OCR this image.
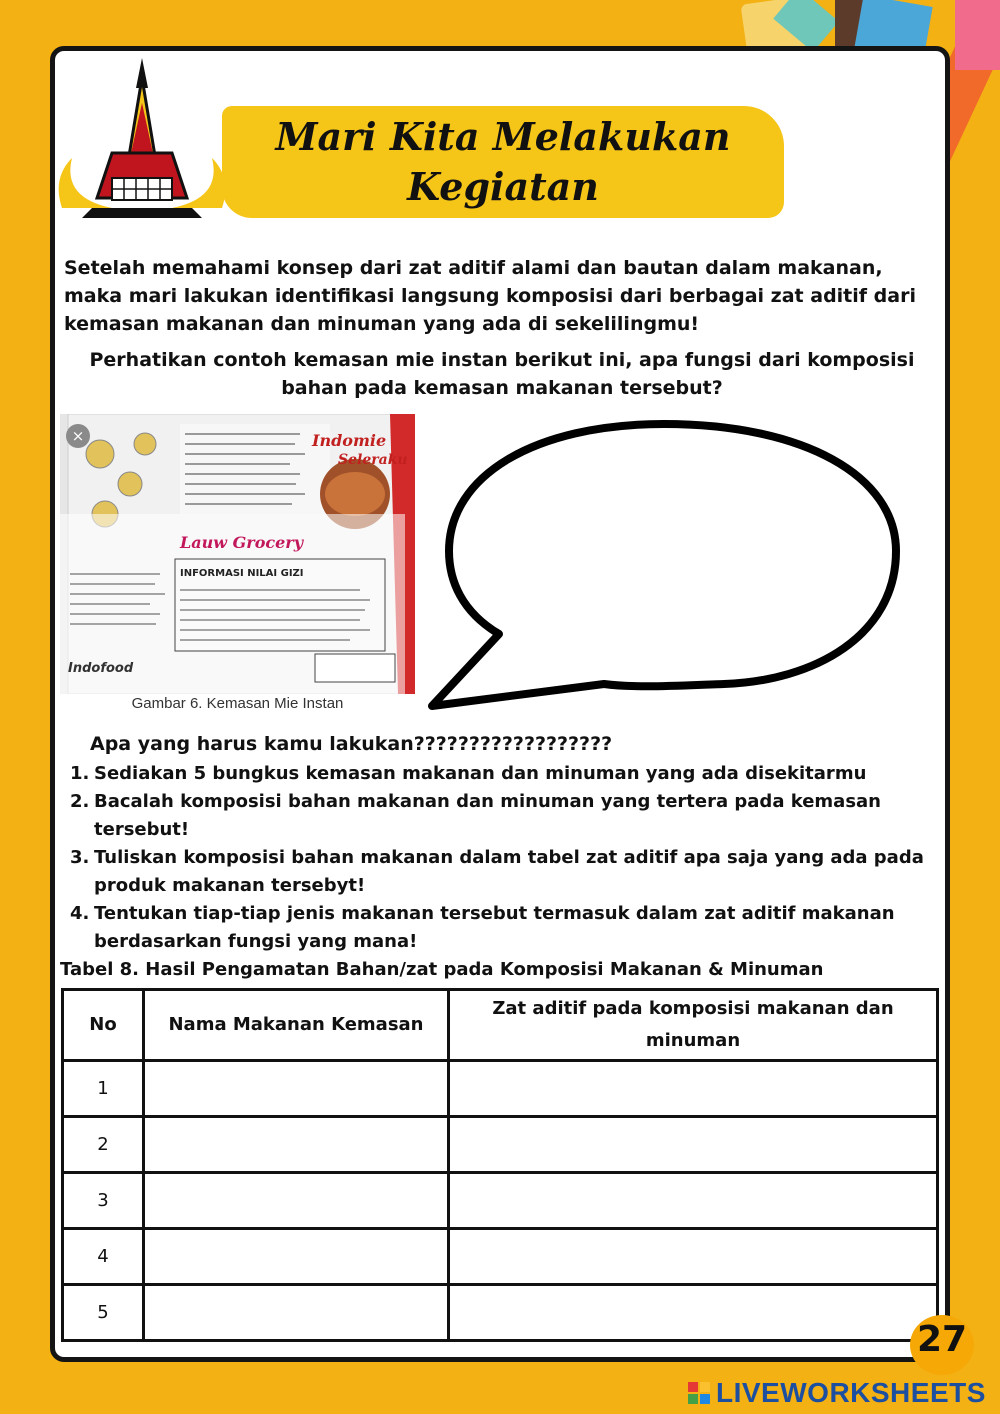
Mari Kita Melakukan
Kegiatan
Setelah memahami konsep dari zat aditif alami dan bautan dalam makanan, maka mari lakukan identifikasi langsung komposisi dari berbagai zat aditif dari kemasan makanan dan minuman yang ada di sekelilingmu!
Perhatikan contoh kemasan mie instan berikut ini, apa fungsi dari komposisi bahan pada kemasan makanan tersebut?
Indomie
Seleraku
Lauw Grocery
INFORMASI NILAI GIZI
Indofood
×
Gambar 6. Kemasan Mie Instan
Apa yang harus kamu lakukan??????????????????
1. Sediakan 5 bungkus kemasan makanan dan minuman yang ada disekitarmu
2. Bacalah komposisi bahan makanan dan minuman yang tertera pada kemasan tersebut!
3. Tuliskan komposisi bahan makanan dalam tabel zat aditif apa saja yang ada pada produk makanan tersebyt!
4. Tentukan tiap-tiap jenis makanan tersebut termasuk dalam zat aditif makanan berdasarkan fungsi yang mana!
Tabel 8. Hasil Pengamatan Bahan/zat pada Komposisi Makanan & Minuman
No	Nama Makanan Kemasan	Zat aditif pada komposisi makanan dan minuman
1		
2		
3		
4		
5		
27
LIVEWORKSHEETS
